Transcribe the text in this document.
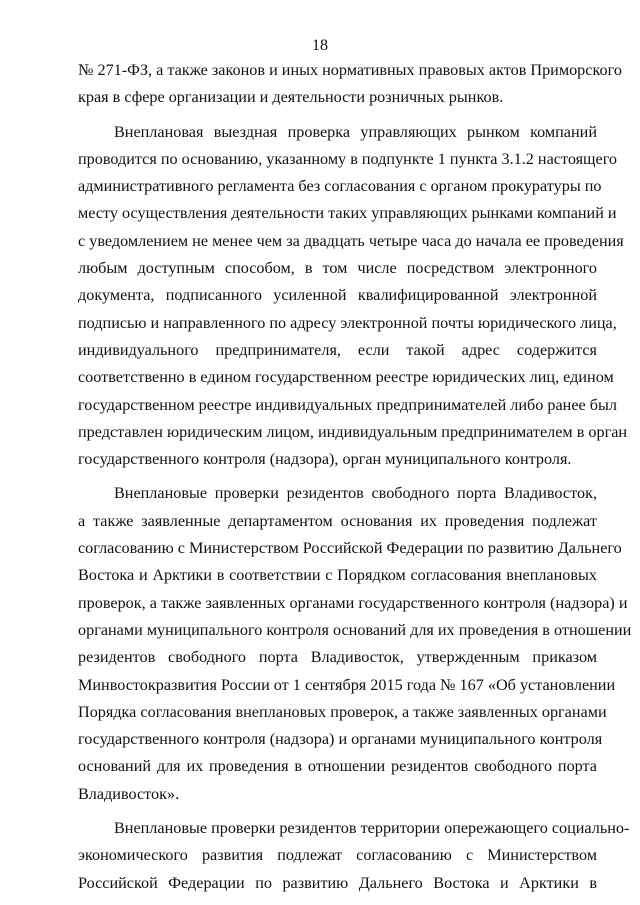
18
№ 271-ФЗ, а также законов и иных нормативных правовых актов Приморского
края в сфере организации и деятельности розничных рынков.
Внеплановая выездная проверка управляющих рынком компаний
проводится по основанию, указанному в подпункте 1 пункта 3.1.2 настоящего
административного регламента без согласования с органом прокуратуры по
месту осуществления деятельности таких управляющих рынками компаний и
с уведомлением не менее чем за двадцать четыре часа до начала ее проведения
любым доступным способом, в том числе посредством электронного
документа, подписанного усиленной квалифицированной электронной
подписью и направленного по адресу электронной почты юридического лица,
индивидуального предпринимателя, если такой адрес содержится
соответственно в едином государственном реестре юридических лиц, едином
государственном реестре индивидуальных предпринимателей либо ранее был
представлен юридическим лицом, индивидуальным предпринимателем в орган
государственного контроля (надзора), орган муниципального контроля.
Внеплановые проверки резидентов свободного порта Владивосток,
а также заявленные департаментом основания их проведения подлежат
согласованию с Министерством Российской Федерации по развитию Дальнего
Востока и Арктики в соответствии с Порядком согласования внеплановых
проверок, а также заявленных органами государственного контроля (надзора) и
органами муниципального контроля оснований для их проведения в отношении
резидентов свободного порта Владивосток, утвержденным приказом
Минвостокразвития России от 1 сентября 2015 года № 167 «Об установлении
Порядка согласования внеплановых проверок, а также заявленных органами
государственного контроля (надзора) и органами муниципального контроля
оснований для их проведения в отношении резидентов свободного порта
Владивосток».
Внеплановые проверки резидентов территории опережающего социально-
экономического развития подлежат согласованию с Министерством
Российской Федерации по развитию Дальнего Востока и Арктики в
